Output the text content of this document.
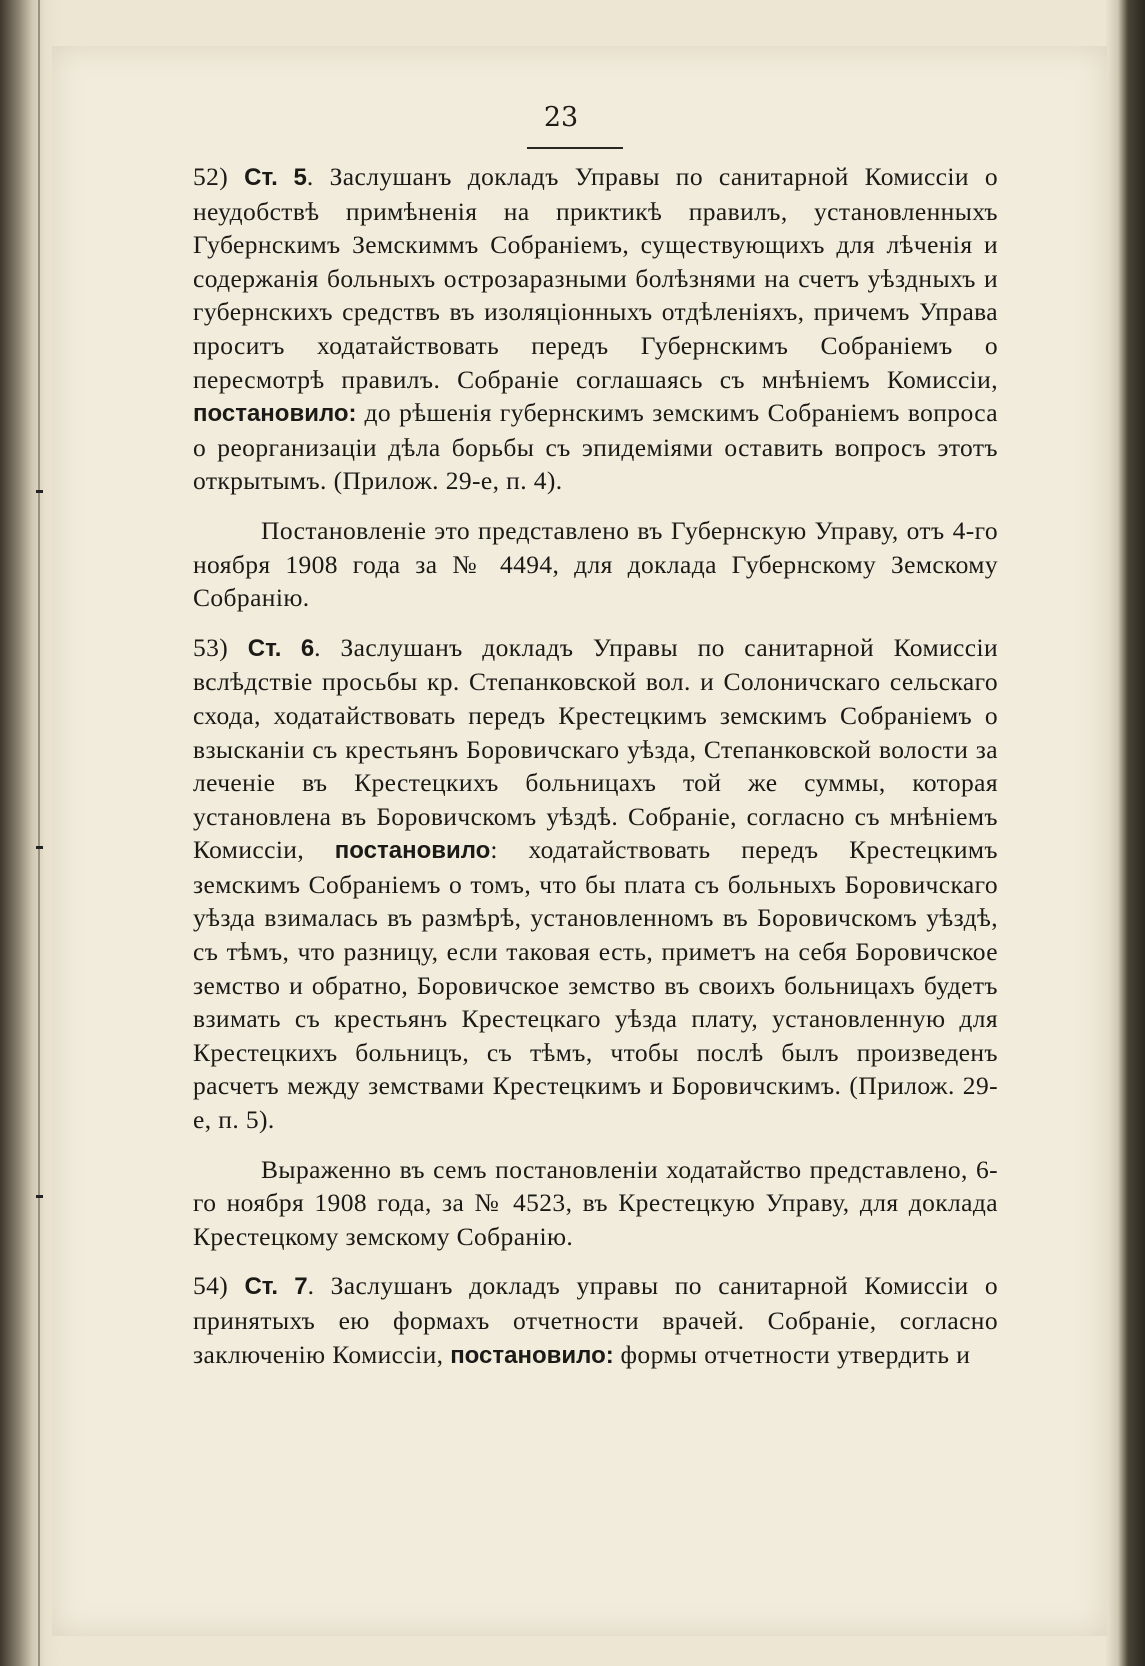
23

52) Ст. 5. Заслушанъ докладъ Управы по санитарной Комиссіи о неудобствѣ примѣненія на приктикѣ правилъ, установленныхъ Губернскимъ Земскиммъ Собраніемъ, существующихъ для лѣченія и содержанія больныхъ острозаразными болѣзнями на счетъ уѣздныхъ и губернскихъ средствъ въ изоляціонныхъ отдѣленіяхъ, причемъ Управа проситъ ходатайствовать передъ Губернскимъ Собраніемъ о пересмотрѣ правилъ. Собраніе соглашаясь съ мнѣніемъ Комиссіи, постановило: до рѣшенія губернскимъ земскимъ Собраніемъ вопроса о реорганизаціи дѣла борьбы съ эпидеміями оставить вопросъ этотъ открытымъ. (Прилож. 29-е, п. 4).

Постановленіе это представлено въ Губернскую Управу, отъ 4-го ноября 1908 года за № 4494, для доклада Губернскому Земскому Собранію.

53) Ст. 6. Заслушанъ докладъ Управы по санитарной Комиссіи вслѣдствіе просьбы кр. Степанковской вол. и Солоничскаго сельскаго схода, ходатайствовать передъ Крестецкимъ земскимъ Собраніемъ о взысканіи съ крестьянъ Боровичскаго уѣзда, Степанковской волости за леченіе въ Крестецкихъ больницахъ той же суммы, которая установлена въ Боровичскомъ уѣздѣ. Собраніе, согласно съ мнѣніемъ Комиссіи, постановило: ходатайствовать передъ Крестецкимъ земскимъ Собраніемъ о томъ, что бы плата съ больныхъ Боровичскаго уѣзда взималась въ размѣрѣ, установленномъ въ Боровичскомъ уѣздѣ, съ тѣмъ, что разницу, если таковая есть, приметъ на себя Боровичское земство и обратно, Боровичское земство въ своихъ больницахъ будетъ взимать съ крестьянъ Крестецкаго уѣзда плату, установленную для Крестецкихъ больницъ, съ тѣмъ, чтобы послѣ былъ произведенъ расчетъ между земствами Крестецкимъ и Боровичскимъ. (Прилож. 29-е, п. 5).

Выраженно въ семъ постановленіи ходатайство представлено, 6-го ноября 1908 года, за № 4523, въ Крестецкую Управу, для доклада Крестецкому земскому Собранію.

54) Ст. 7. Заслушанъ докладъ управы по санитарной Комиссіи о принятыхъ ею формахъ отчетности врачей. Собраніе, согласно заключенію Комиссіи, постановило: формы отчетности утвердить и
